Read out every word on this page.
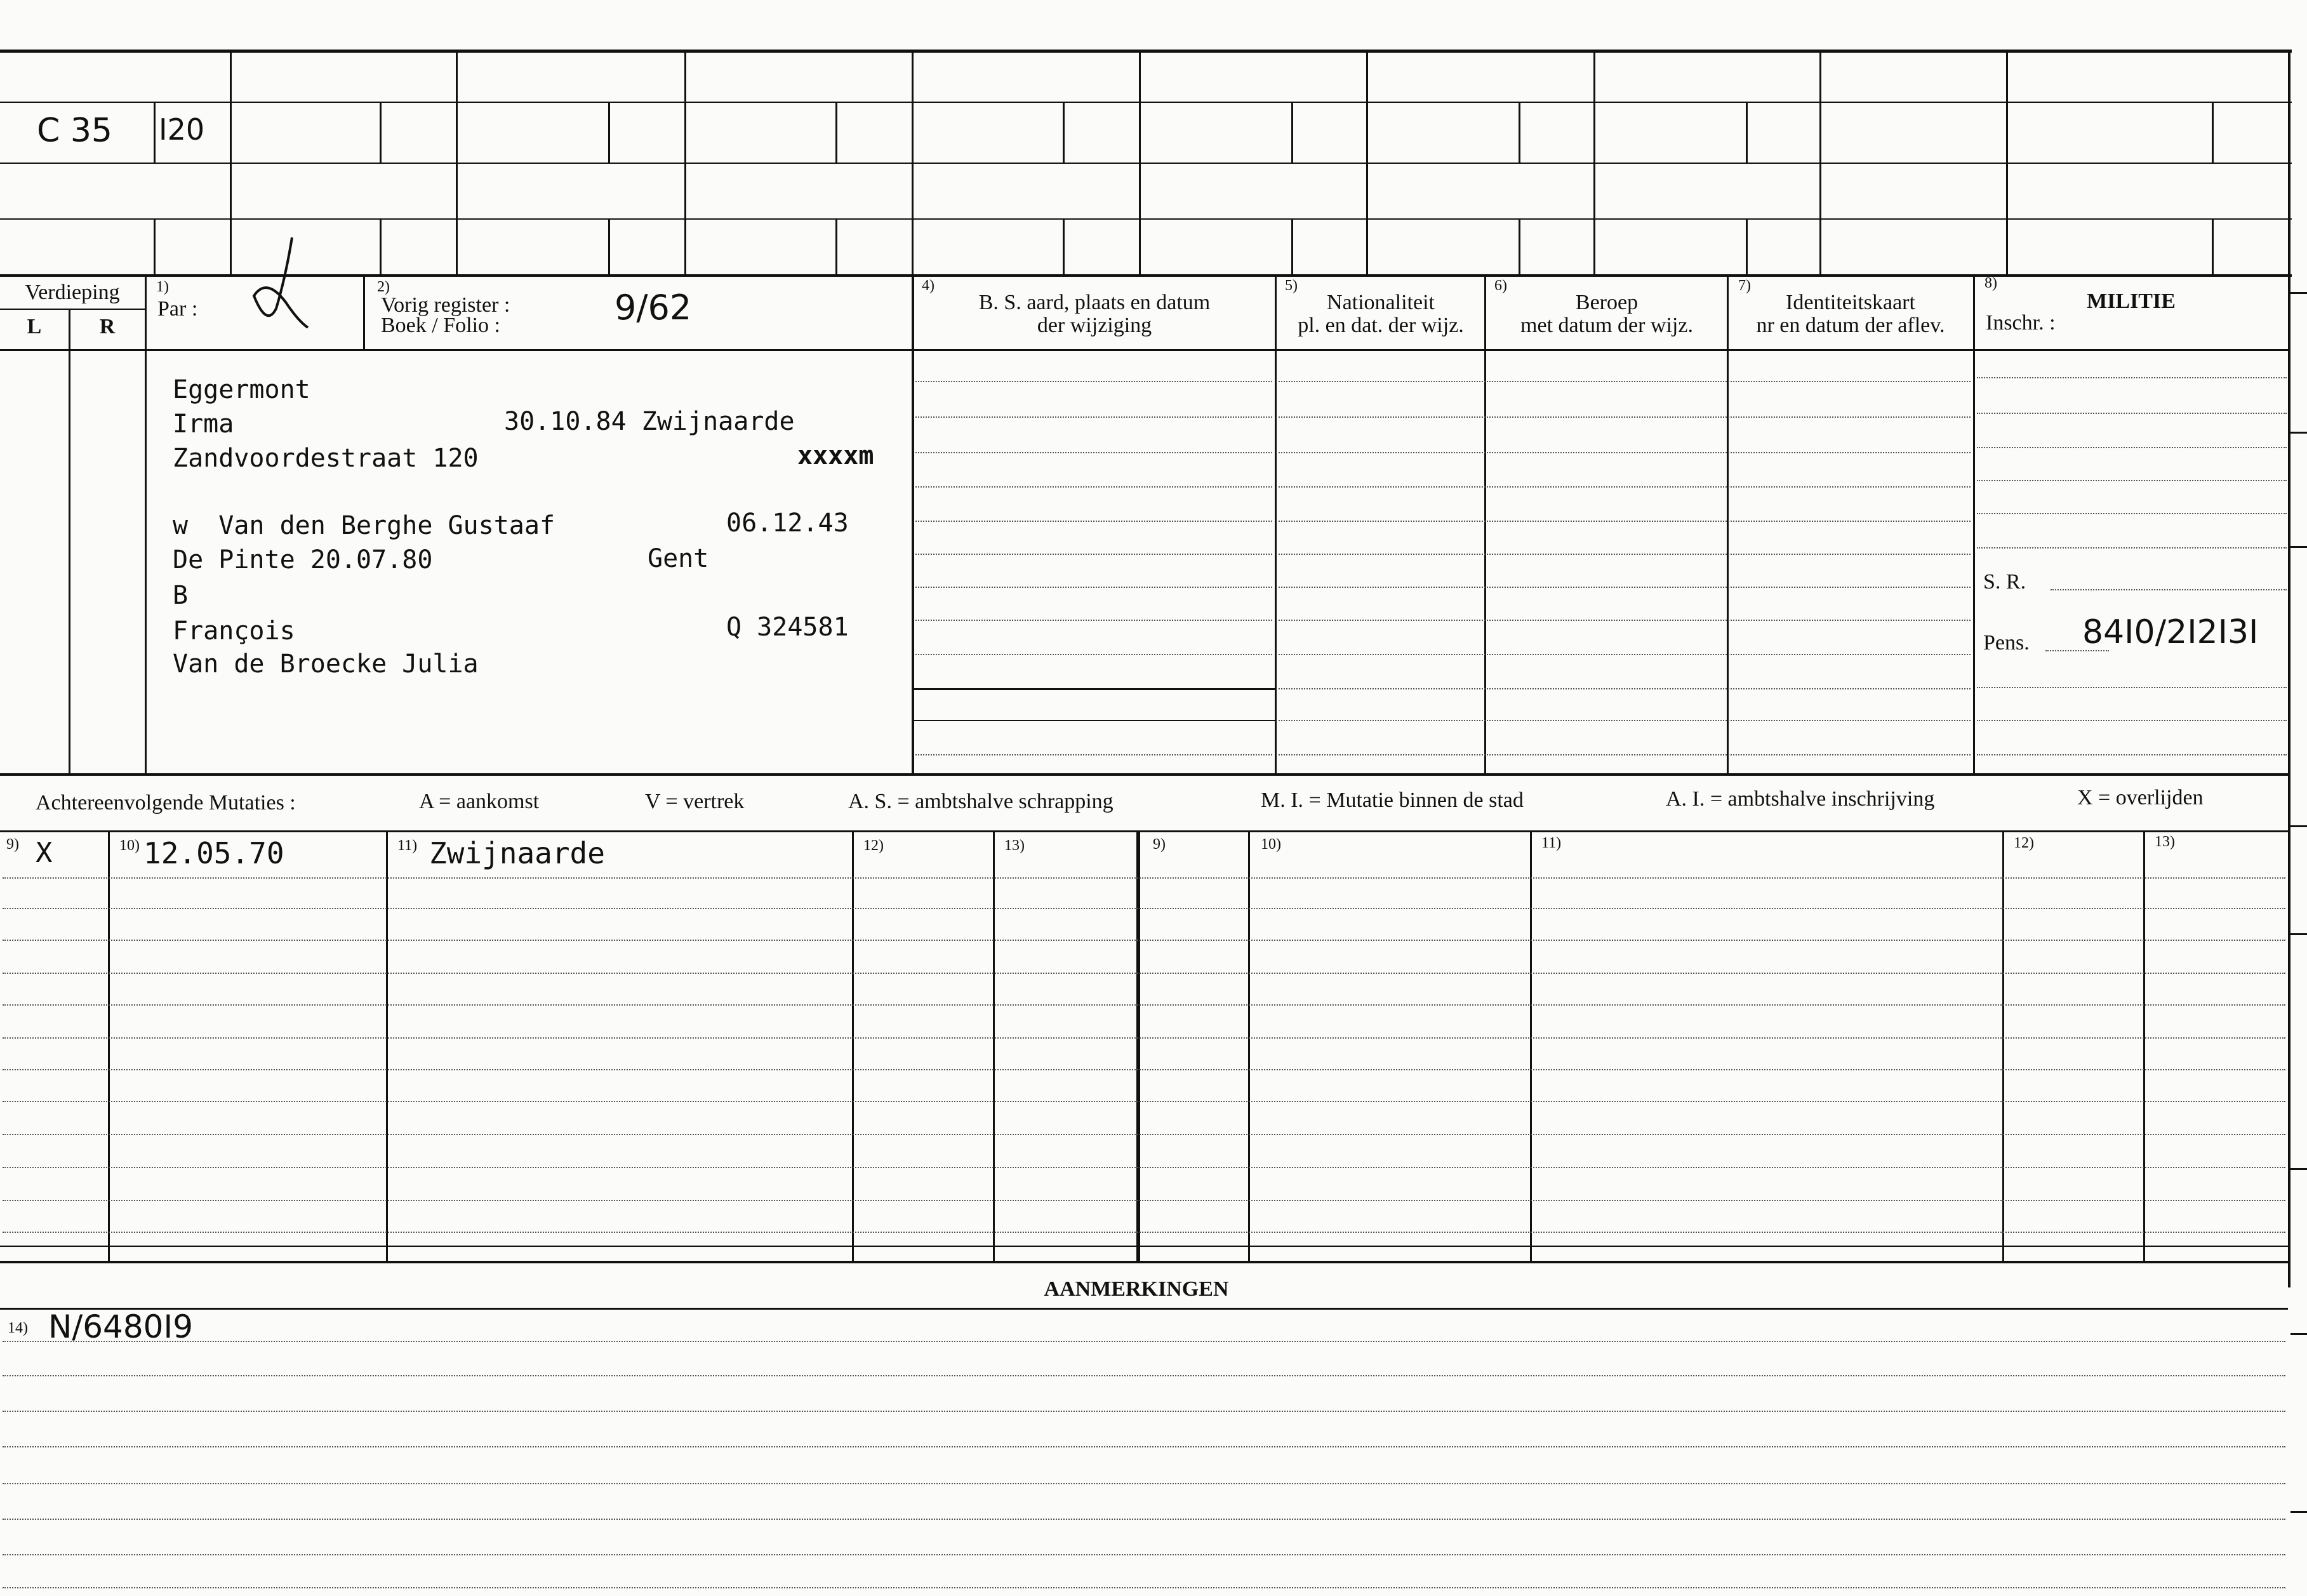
C 35 I20
Verdieping
L	R
1)
Par :
2)
Vorig register :
Boek / Folio :	9/62
4)
B. S. aard, plaats en datum
der wijziging
5)
Nationaliteit
pl. en dat. der wijz.
6)
Beroep
met datum der wijz.
7)
Identiteitskaart
nr en datum der aflev.
8)
MILITIE
Inschr. :
Eggermont
Irma	30.10.84 Zwijnaarde
Zandvoordestraat 120	xxxxm
w  Van den Berghe Gustaaf	06.12.43
De Pinte 20.07.80	Gent
B
François	Q 324581
Van de Broecke Julia
S. R.
Pens. 84I0/2I2I3I
Achtereenvolgende Mutaties :	A = aankomst	V = vertrek	A. S. = ambtshalve schrapping	M. I. = Mutatie binnen de stad	A. I. = ambtshalve inschrijving	X = overlijden
9)	10)	11)	12)	13)	9)	10)	11)	12)	13)
X	12.05.70	Zwijnaarde
AANMERKINGEN
14) N/6480I9
